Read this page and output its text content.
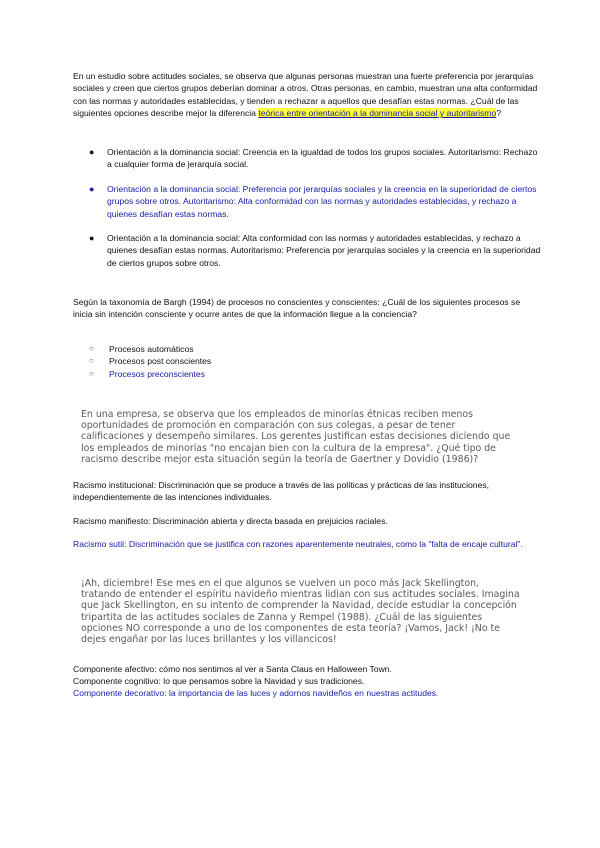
En un estudio sobre actitudes sociales, se observa que algunas personas muestran una fuerte preferencia por jerarquías sociales y creen que ciertos grupos deberían dominar a otros. Otras personas, en cambio, muestran una alta conformidad con las normas y autoridades establecidas, y tienden a rechazar a aquellos que desafían estas normas. ¿Cuál de las siguientes opciones describe mejor la diferencia teórica entre orientación a la dominancia social y autoritarismo?

● Orientación a la dominancia social: Creencia en la igualdad de todos los grupos sociales. Autoritarismo: Rechazo a cualquier forma de jerarquía social.
● Orientación a la dominancia social: Preferencia por jerarquías sociales y la creencia en la superioridad de ciertos grupos sobre otros. Autoritarismo: Alta conformidad con las normas y autoridades establecidas, y rechazo a quienes desafían estas normas.
● Orientación a la dominancia social: Alta conformidad con las normas y autoridades establecidas, y rechazo a quienes desafían estas normas. Autoritarismo: Preferencia por jerarquías sociales y la creencia en la superioridad de ciertos grupos sobre otros.

Según la taxonomía de Bargh (1994) de procesos no conscientes y conscientes: ¿Cuál de los siguientes procesos se inicia sin intención consciente y ocurre antes de que la información llegue a la conciencia?

○ Procesos automáticos
○ Procesos post conscientes
○ Procesos preconscientes

En una empresa, se observa que los empleados de minorías étnicas reciben menos oportunidades de promoción en comparación con sus colegas, a pesar de tener calificaciones y desempeño similares. Los gerentes justifican estas decisiones diciendo que los empleados de minorías "no encajan bien con la cultura de la empresa". ¿Qué tipo de racismo describe mejor esta situación según la teoría de Gaertner y Dovidio (1986)?

Racismo institucional: Discriminación que se produce a través de las políticas y prácticas de las instituciones, independientemente de las intenciones individuales.

Racismo manifiesto: Discriminación abierta y directa basada en prejuicios raciales.

Racismo sutil: Discriminación que se justifica con razones aparentemente neutrales, como la "falta de encaje cultural".

¡Ah, diciembre! Ese mes en el que algunos se vuelven un poco más Jack Skellington, tratando de entender el espíritu navideño mientras lidian con sus actitudes sociales. Imagina que Jack Skellington, en su intento de comprender la Navidad, decide estudiar la concepción tripartita de las actitudes sociales de Zanna y Rempel (1988). ¿Cuál de las siguientes opciones NO corresponde a uno de los componentes de esta teoría? ¡Vamos, Jack! ¡No te dejes engañar por las luces brillantes y los villancicos!

Componente afectivo: cómo nos sentimos al ver a Santa Claus en Halloween Town.

Componente cognitivo: lo que pensamos sobre la Navidad y sus tradiciones.

Componente decorativo: la importancia de las luces y adornos navideños en nuestras actitudes.
